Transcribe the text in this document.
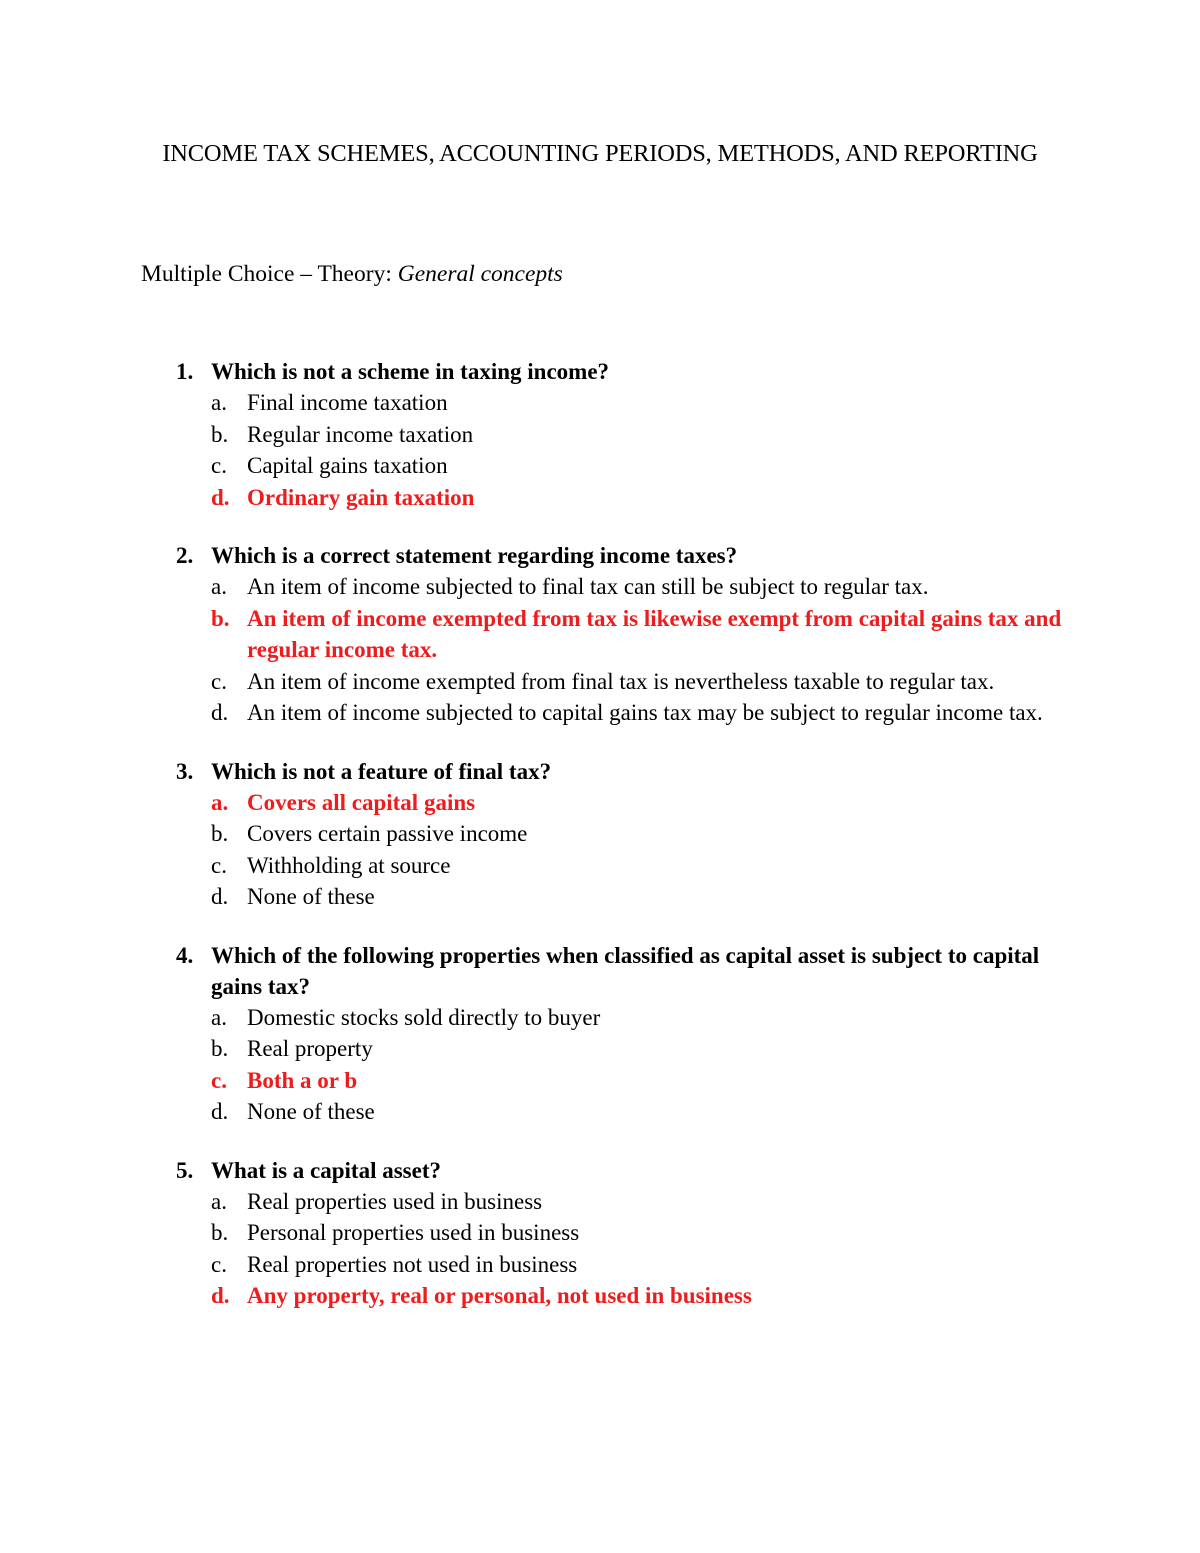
INCOME TAX SCHEMES, ACCOUNTING PERIODS, METHODS, AND REPORTING
Multiple Choice – Theory: General concepts
1. Which is not a scheme in taxing income?
a. Final income taxation
b. Regular income taxation
c. Capital gains taxation
d. Ordinary gain taxation
2. Which is a correct statement regarding income taxes?
a. An item of income subjected to final tax can still be subject to regular tax.
b. An item of income exempted from tax is likewise exempt from capital gains tax and regular income tax.
c. An item of income exempted from final tax is nevertheless taxable to regular tax.
d. An item of income subjected to capital gains tax may be subject to regular income tax.
3. Which is not a feature of final tax?
a. Covers all capital gains
b. Covers certain passive income
c. Withholding at source
d. None of these
4. Which of the following properties when classified as capital asset is subject to capital gains tax?
a. Domestic stocks sold directly to buyer
b. Real property
c. Both a or b
d. None of these
5. What is a capital asset?
a. Real properties used in business
b. Personal properties used in business
c. Real properties not used in business
d. Any property, real or personal, not used in business
